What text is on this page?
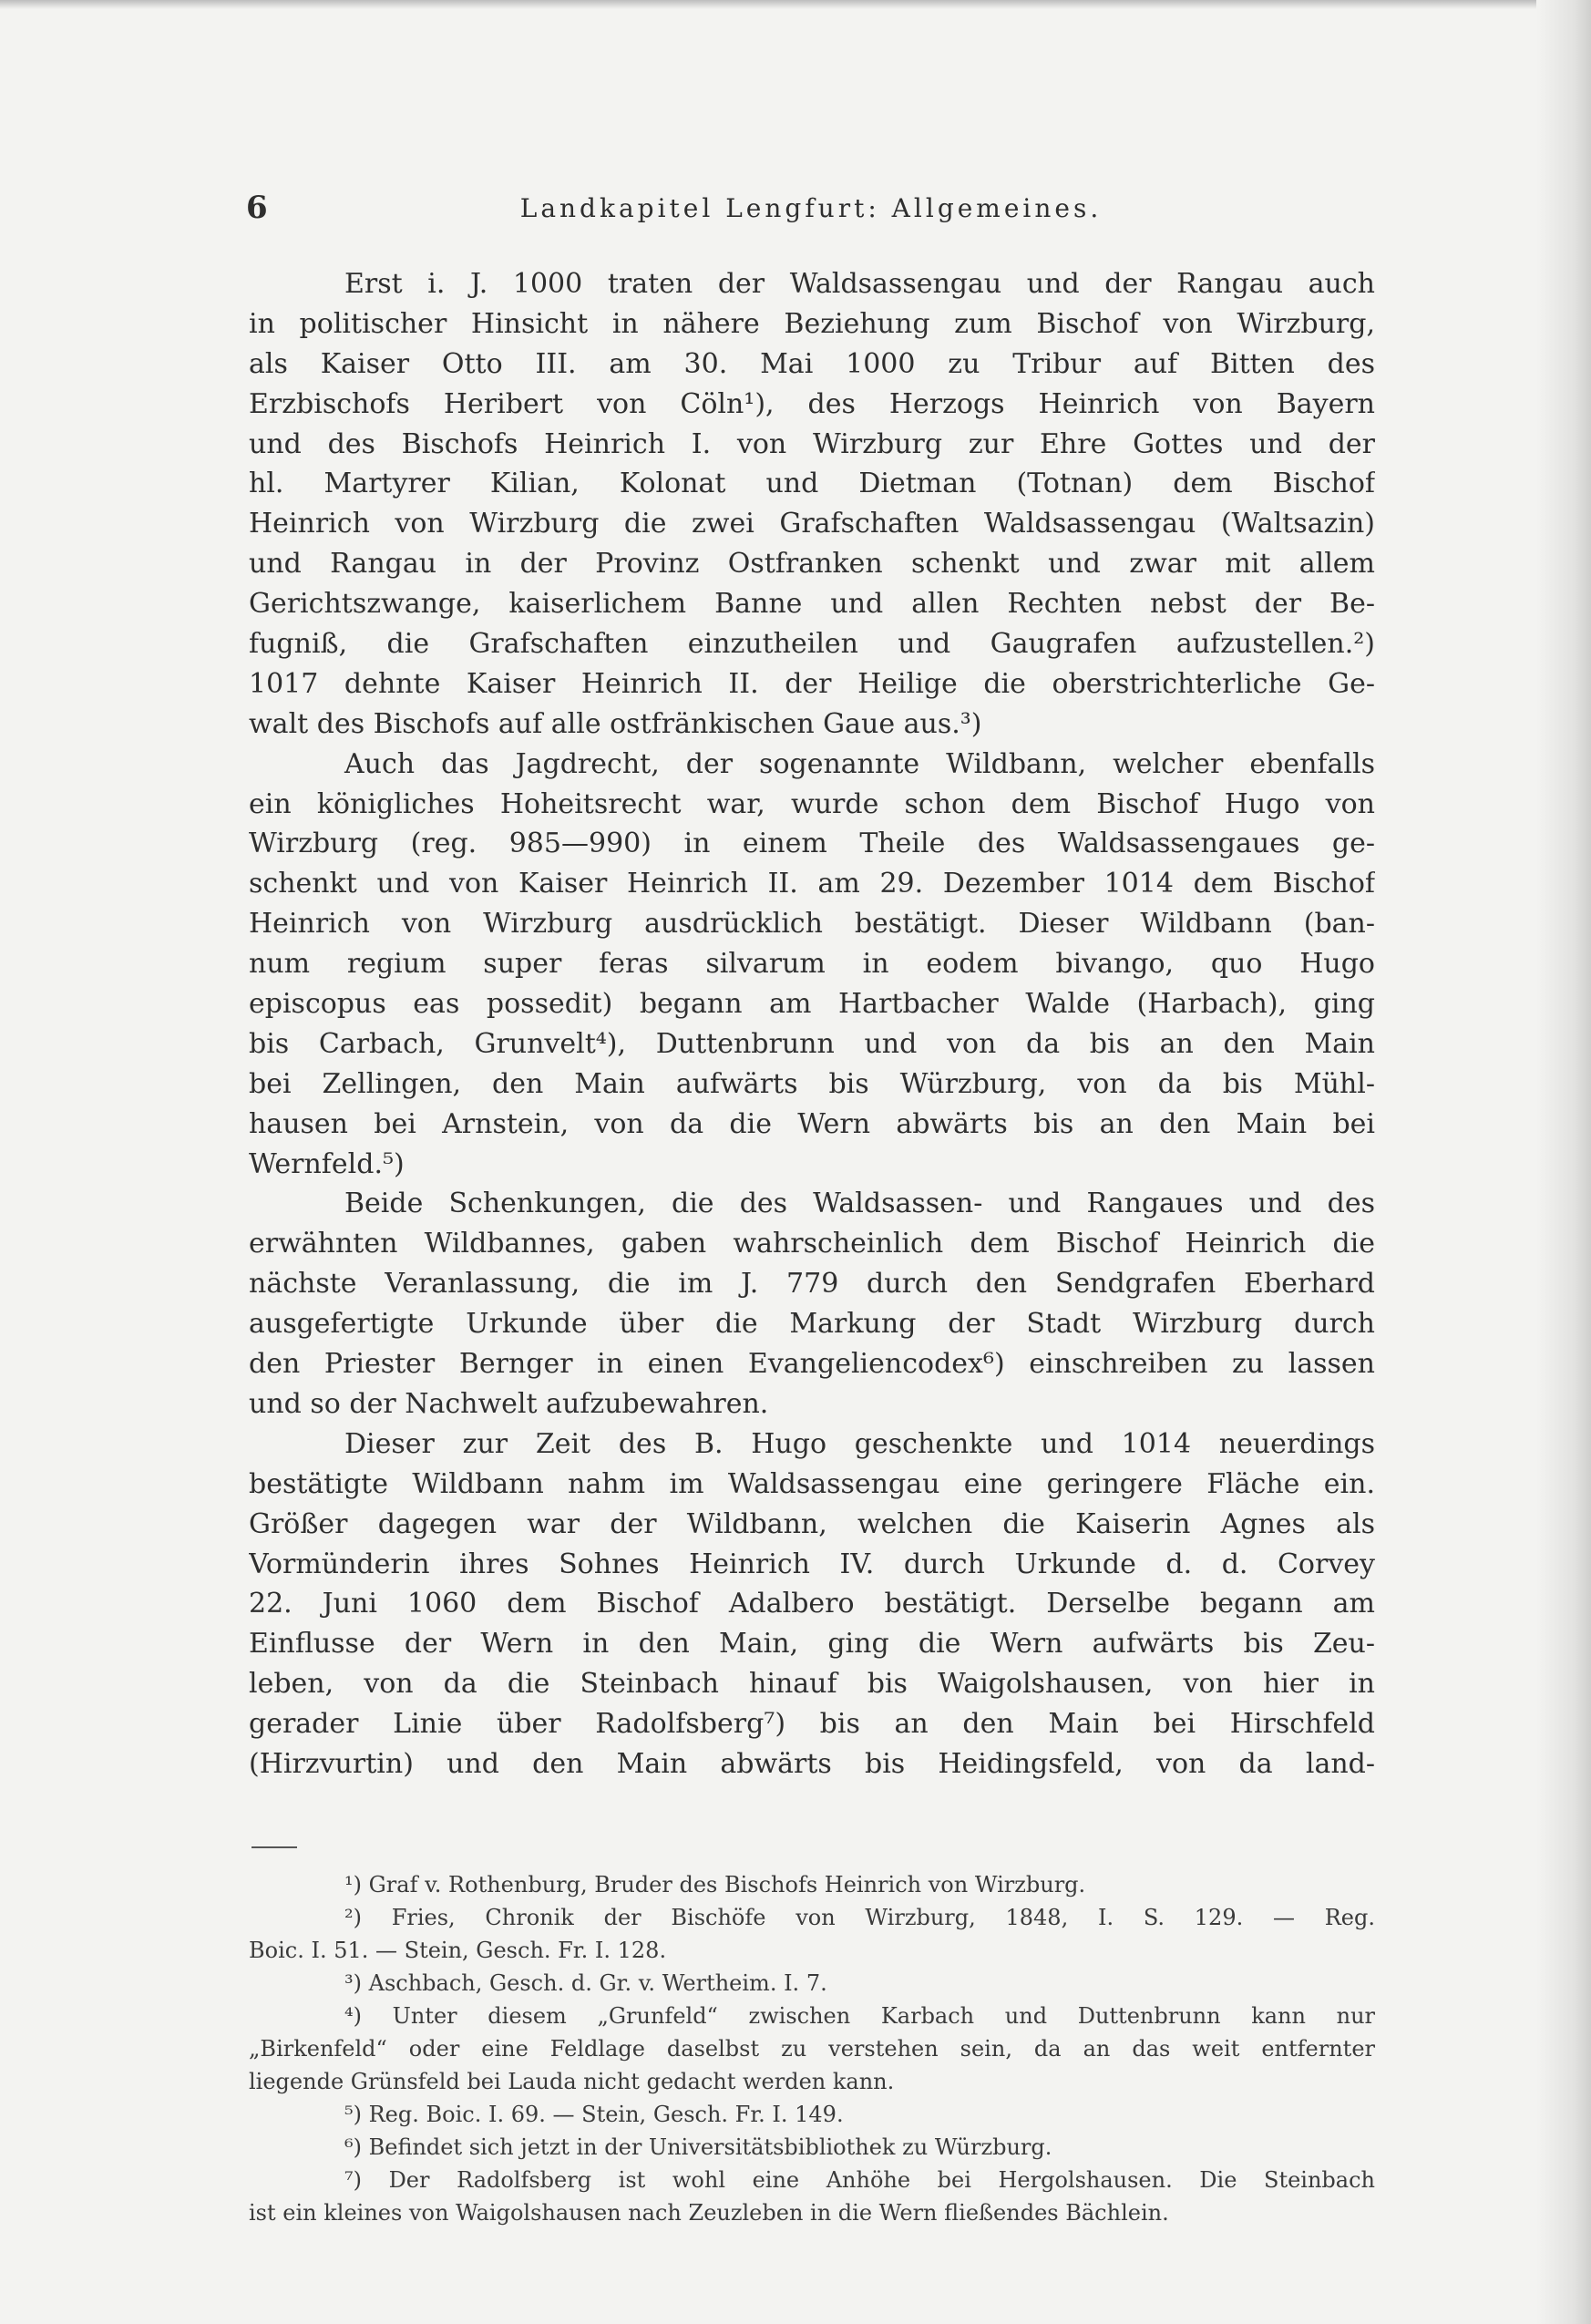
6	Landkapitel Lengfurt: Allgemeines.
Erst i. J. 1000 traten der Waldsassengau und der Rangau auch
in politischer Hinsicht in nähere Beziehung zum Bischof von Wirzburg,
als Kaiser Otto III. am 30. Mai 1000 zu Tribur auf Bitten des
Erzbischofs Heribert von Cöln¹), des Herzogs Heinrich von Bayern
und des Bischofs Heinrich I. von Wirzburg zur Ehre Gottes und der
hl. Martyrer Kilian, Kolonat und Dietman (Totnan) dem Bischof
Heinrich von Wirzburg die zwei Grafschaften Waldsassengau (Waltsazin)
und Rangau in der Provinz Ostfranken schenkt und zwar mit allem
Gerichtszwange, kaiserlichem Banne und allen Rechten nebst der Be-
fugniß, die Grafschaften einzutheilen und Gaugrafen aufzustellen.²)
1017 dehnte Kaiser Heinrich II. der Heilige die oberstrichterliche Ge-
walt des Bischofs auf alle ostfränkischen Gaue aus.³)
Auch das Jagdrecht, der sogenannte Wildbann, welcher ebenfalls
ein königliches Hoheitsrecht war, wurde schon dem Bischof Hugo von
Wirzburg (reg. 985—990) in einem Theile des Waldsassengaues ge-
schenkt und von Kaiser Heinrich II. am 29. Dezember 1014 dem Bischof
Heinrich von Wirzburg ausdrücklich bestätigt. Dieser Wildbann (ban-
num regium super feras silvarum in eodem bivango, quo Hugo
episcopus eas possedit) begann am Hartbacher Walde (Harbach), ging
bis Carbach, Grunvelt⁴), Duttenbrunn und von da bis an den Main
bei Zellingen, den Main aufwärts bis Würzburg, von da bis Mühl-
hausen bei Arnstein, von da die Wern abwärts bis an den Main bei
Wernfeld.⁵)
Beide Schenkungen, die des Waldsassen- und Rangaues und des
erwähnten Wildbannes, gaben wahrscheinlich dem Bischof Heinrich die
nächste Veranlassung, die im J. 779 durch den Sendgrafen Eberhard
ausgefertigte Urkunde über die Markung der Stadt Wirzburg durch
den Priester Bernger in einen Evangeliencodex⁶) einschreiben zu lassen
und so der Nachwelt aufzubewahren.
Dieser zur Zeit des B. Hugo geschenkte und 1014 neuerdings
bestätigte Wildbann nahm im Waldsassengau eine geringere Fläche ein.
Größer dagegen war der Wildbann, welchen die Kaiserin Agnes als
Vormünderin ihres Sohnes Heinrich IV. durch Urkunde d. d. Corvey
22. Juni 1060 dem Bischof Adalbero bestätigt. Derselbe begann am
Einflusse der Wern in den Main, ging die Wern aufwärts bis Zeu-
leben, von da die Steinbach hinauf bis Waigolshausen, von hier in
gerader Linie über Radolfsberg⁷) bis an den Main bei Hirschfeld
(Hirzvurtin) und den Main abwärts bis Heidingsfeld, von da land-
¹) Graf v. Rothenburg, Bruder des Bischofs Heinrich von Wirzburg.
²) Fries, Chronik der Bischöfe von Wirzburg, 1848, I. S. 129. — Reg.
Boic. I. 51. — Stein, Gesch. Fr. I. 128.
³) Aschbach, Gesch. d. Gr. v. Wertheim. I. 7.
⁴) Unter diesem „Grunfeld“ zwischen Karbach und Duttenbrunn kann nur
„Birkenfeld“ oder eine Feldlage daselbst zu verstehen sein, da an das weit entfernter
liegende Grünsfeld bei Lauda nicht gedacht werden kann.
⁵) Reg. Boic. I. 69. — Stein, Gesch. Fr. I. 149.
⁶) Befindet sich jetzt in der Universitätsbibliothek zu Würzburg.
⁷) Der Radolfsberg ist wohl eine Anhöhe bei Hergolshausen. Die Steinbach
ist ein kleines von Waigolshausen nach Zeuzleben in die Wern fließendes Bächlein.
